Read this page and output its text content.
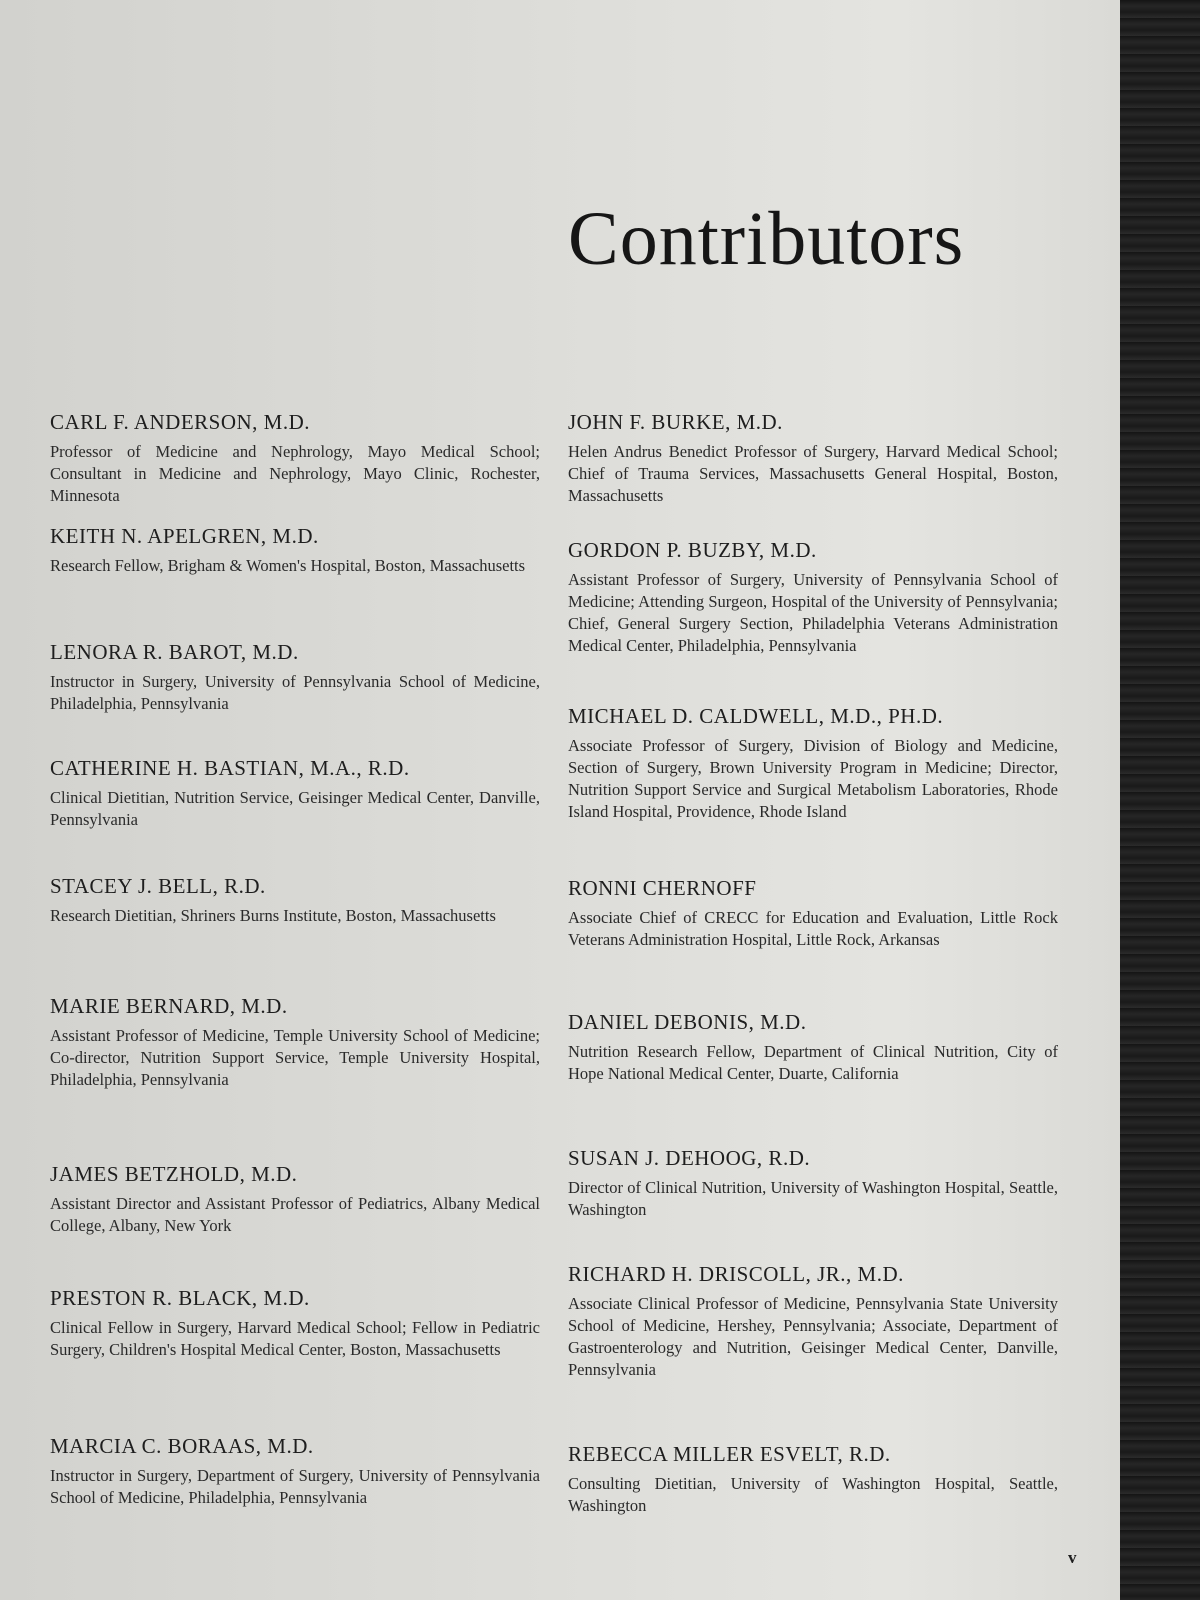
Contributors

CARL F. ANDERSON, M.D.

Professor of Medicine and Nephrology, Mayo Medical School; Consultant in Medicine and Nephrology, Mayo Clinic, Rochester, Minnesota

KEITH N. APELGREN, M.D.

Research Fellow, Brigham & Women's Hospital, Boston, Massachusetts

LENORA R. BAROT, M.D.

Instructor in Surgery, University of Pennsylvania School of Medicine, Philadelphia, Pennsylvania

CATHERINE H. BASTIAN, M.A., R.D.

Clinical Dietitian, Nutrition Service, Geisinger Medical Center, Danville, Pennsylvania

STACEY J. BELL, R.D.

Research Dietitian, Shriners Burns Institute, Boston, Massachusetts

MARIE BERNARD, M.D.

Assistant Professor of Medicine, Temple University School of Medicine; Co-director, Nutrition Support Service, Temple University Hospital, Philadelphia, Pennsylvania

JAMES BETZHOLD, M.D.

Assistant Director and Assistant Professor of Pediatrics, Albany Medical College, Albany, New York

PRESTON R. BLACK, M.D.

Clinical Fellow in Surgery, Harvard Medical School; Fellow in Pediatric Surgery, Children's Hospital Medical Center, Boston, Massachusetts

MARCIA C. BORAAS, M.D.

Instructor in Surgery, Department of Surgery, University of Pennsylvania School of Medicine, Philadelphia, Pennsylvania

JOHN F. BURKE, M.D.

Helen Andrus Benedict Professor of Surgery, Harvard Medical School; Chief of Trauma Services, Massachusetts General Hospital, Boston, Massachusetts

GORDON P. BUZBY, M.D.

Assistant Professor of Surgery, University of Pennsylvania School of Medicine; Attending Surgeon, Hospital of the University of Pennsylvania; Chief, General Surgery Section, Philadelphia Veterans Administration Medical Center, Philadelphia, Pennsylvania

MICHAEL D. CALDWELL, M.D., PH.D.

Associate Professor of Surgery, Division of Biology and Medicine, Section of Surgery, Brown University Program in Medicine; Director, Nutrition Support Service and Surgical Metabolism Laboratories, Rhode Island Hospital, Providence, Rhode Island

RONNI CHERNOFF

Associate Chief of CRECC for Education and Evaluation, Little Rock Veterans Administration Hospital, Little Rock, Arkansas

DANIEL DEBONIS, M.D.

Nutrition Research Fellow, Department of Clinical Nutrition, City of Hope National Medical Center, Duarte, California

SUSAN J. DEHOOG, R.D.

Director of Clinical Nutrition, University of Washington Hospital, Seattle, Washington

RICHARD H. DRISCOLL, JR., M.D.

Associate Clinical Professor of Medicine, Pennsylvania State University School of Medicine, Hershey, Pennsylvania; Associate, Department of Gastroenterology and Nutrition, Geisinger Medical Center, Danville, Pennsylvania

REBECCA MILLER ESVELT, R.D.

Consulting Dietitian, University of Washington Hospital, Seattle, Washington

v
